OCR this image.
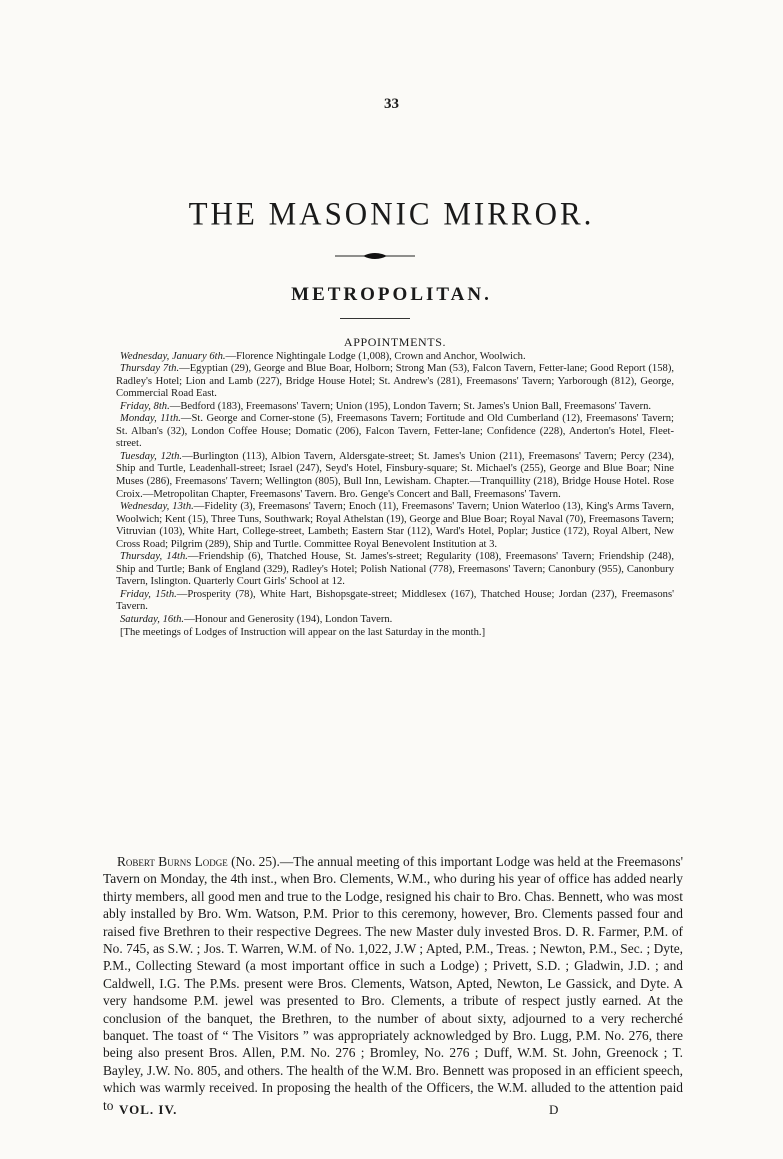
33
THE MASONIC MIRROR.
METROPOLITAN.
APPOINTMENTS.

Wednesday, January 6th.—Florence Nightingale Lodge (1,008), Crown and Anchor, Woolwich.

Thursday 7th.—Egyptian (29), George and Blue Boar, Holborn; Strong Man (53), Falcon Tavern, Fetter-lane; Good Report (158), Radley's Hotel; Lion and Lamb (227), Bridge House Hotel; St. Andrew's (281), Freemasons' Tavern; Yarborough (812), George, Commercial Road East.

Friday, 8th.—Bedford (183), Freemasons' Tavern; Union (195), London Tavern; St. James's Union Ball, Freemasons' Tavern.

Monday, 11th.—St. George and Corner-stone (5), Freemasons Tavern; Fortitude and Old Cumberland (12), Freemasons' Tavern; St. Alban's (32), London Coffee House; Domatic (206), Falcon Tavern, Fetter-lane; Confidence (228), Anderton's Hotel, Fleet-street.

Tuesday, 12th.—Burlington (113), Albion Tavern, Aldersgate-street; St. James's Union (211), Freemasons' Tavern; Percy (234), Ship and Turtle, Leadenhall-street; Israel (247), Seyd's Hotel, Finsbury-square; St. Michael's (255), George and Blue Boar; Nine Muses (286), Freemasons' Tavern; Wellington (805), Bull Inn, Lewisham. Chapter.—Tranquillity (218), Bridge House Hotel. Rose Croix.—Metropolitan Chapter, Freemasons' Tavern. Bro. Genge's Concert and Ball, Freemasons' Tavern.

Wednesday, 13th.—Fidelity (3), Freemasons' Tavern; Enoch (11), Freemasons' Tavern; Union Waterloo (13), King's Arms Tavern, Woolwich; Kent (15), Three Tuns, Southwark; Royal Athelstan (19), George and Blue Boar; Royal Naval (70), Freemasons Tavern; Vitruvian (103), White Hart, College-street, Lambeth; Eastern Star (112), Ward's Hotel, Poplar; Justice (172), Royal Albert, New Cross Road; Pilgrim (289), Ship and Turtle. Committee Royal Benevolent Institution at 3.

Thursday, 14th.—Friendship (6), Thatched House, St. James's-street; Regularity (108), Freemasons' Tavern; Friendship (248), Ship and Turtle; Bank of England (329), Radley's Hotel; Polish National (778), Freemasons' Tavern; Canonbury (955), Canonbury Tavern, Islington. Quarterly Court Girls' School at 12.

Friday, 15th.—Prosperity (78), White Hart, Bishopsgate-street; Middlesex (167), Thatched House; Jordan (237), Freemasons' Tavern.

Saturday, 16th.—Honour and Generosity (194), London Tavern.

[The meetings of Lodges of Instruction will appear on the last Saturday in the month.]

Robert Burns Lodge (No. 25).—The annual meeting of this important Lodge was held at the Freemasons' Tavern on Monday, the 4th inst., when Bro. Clements, W.M., who during his year of office has added nearly thirty members, all good men and true to the Lodge, resigned his chair to Bro. Chas. Bennett, who was most ably installed by Bro. Wm. Watson, P.M. Prior to this ceremony, however, Bro. Clements passed four and raised five Brethren to their respective Degrees. The new Master duly invested Bros. D. R. Farmer, P.M. of No. 745, as S.W. ; Jos. T. Warren, W.M. of No. 1,022, J.W ; Apted, P.M., Treas. ; Newton, P.M., Sec. ; Dyte, P.M., Collecting Steward (a most important office in such a Lodge) ; Privett, S.D. ; Gladwin, J.D. ; and Caldwell, I.G. The P.Ms. present were Bros. Clements, Watson, Apted, Newton, Le Gassick, and Dyte. A very handsome P.M. jewel was presented to Bro. Clements, a tribute of respect justly earned. At the conclusion of the banquet, the Brethren, to the number of about sixty, adjourned to a very recherché banquet. The toast of “ The Visitors ” was appropriately acknowledged by Bro. Lugg, P.M. No. 276, there being also present Bros. Allen, P.M. No. 276 ; Bromley, No. 276 ; Duff, W.M. St. John, Greenock ; T. Bayley, J.W. No. 805, and others. The health of the W.M. Bro. Bennett was proposed in an efficient speech, which was warmly received. In proposing the health of the Officers, the W.M. alluded to the attention paid to VOL. IV.	D
